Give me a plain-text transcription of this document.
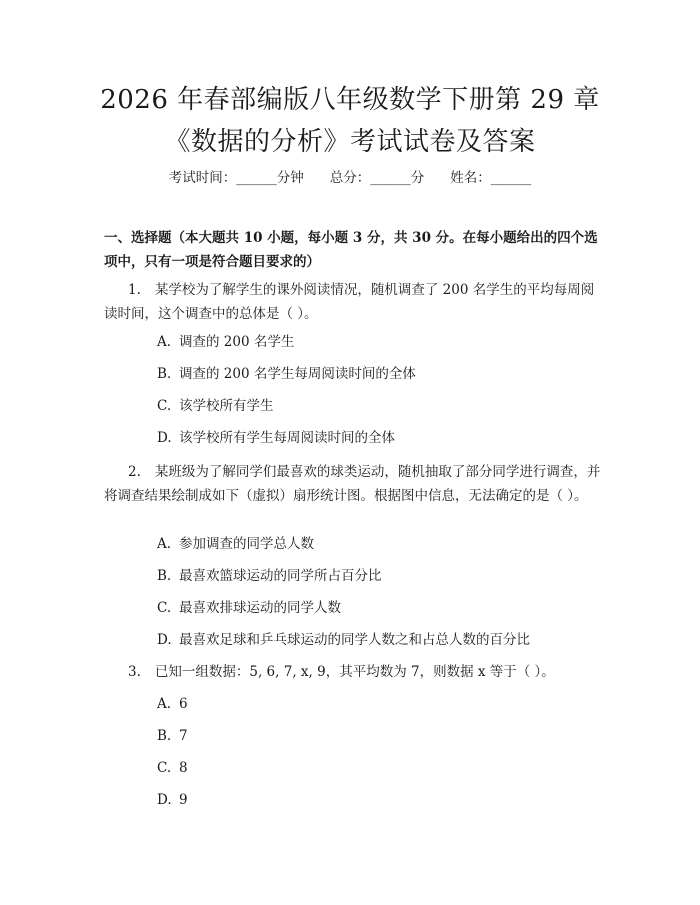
2026 年春部编版八年级数学下册第 29 章
《数据的分析》考试试卷及答案
考试时间：______分钟 总分：______分 姓名：______
一、选择题（本大题共 10 小题，每小题 3 分，共 30 分。在每小题给出的四个选项中，只有一项是符合题目要求的）
1. 某学校为了解学生的课外阅读情况，随机调查了 200 名学生的平均每周阅读时间，这个调查中的总体是（ ）。
A. 调查的 200 名学生
B. 调查的 200 名学生每周阅读时间的全体
C. 该学校所有学生
D. 该学校所有学生每周阅读时间的全体
2. 某班级为了解同学们最喜欢的球类运动，随机抽取了部分同学进行调查，并将调查结果绘制成如下（虚拟）扇形统计图。根据图中信息，无法确定的是（ ）。
A. 参加调查的同学总人数
B. 最喜欢篮球运动的同学所占百分比
C. 最喜欢排球运动的同学人数
D. 最喜欢足球和乒乓球运动的同学人数之和占总人数的百分比
3. 已知一组数据：5, 6, 7, x, 9，其平均数为 7，则数据 x 等于（ ）。
A. 6
B. 7
C. 8
D. 9
